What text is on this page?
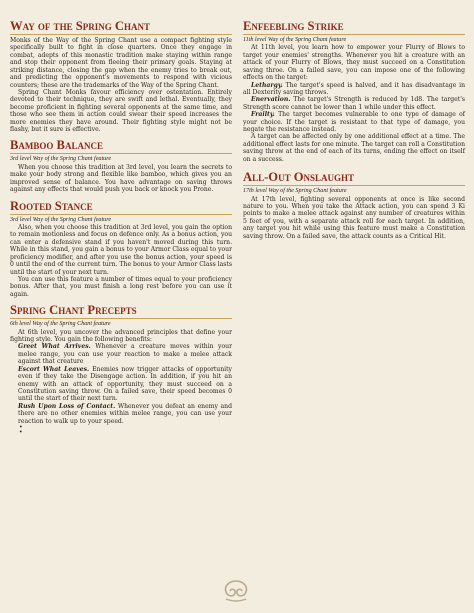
Way of the Spring Chant

Monks of the Way of the Spring Chant use a compact fighting style specifically built to fight in close quarters. Once they engage in combat, adepts of this monastic tradition make staying within range and stop their opponent from fleeing their primary goals. Staying at striking distance, closing the gap when the enemy tries to break out, and predicting the opponent's movements to respond with vicious counters; these are the trademarks of the Way of the Spring Chant.

Spring Chant Monks favour efficiency over ostentation. Entirely devoted to their technique, they are swift and lethal. Eventually, they become proficient in fighting several opponents at the same time, and those who see them in action could swear their speed increases the more enemies they have around. Their fighting style might not be flashy, but it sure is effective.

Bamboo Balance
3rd level Way of the Spring Chant feature

When you choose this tradition at 3rd level, you learn the secrets to make your body strong and flexible like bamboo, which gives you an improved sense of balance. You have advantage on saving throws against any effects that would push you back or knock you Prone.

Rooted Stance
3rd level Way of the Spring Chant feature

Also, when you choose this tradition at 3rd level, you gain the option to remain motionless and focus on defence only. As a bonus action, you can enter a defensive stand if you haven't moved during this turn. While in this stand, you gain a bonus to your Armor Class equal to your proficiency modifier, and after you use the bonus action, your speed is 0 until the end of the current turn. The bonus to your Armor Class lasts until the start of your next turn.

You can use this feature a number of times equal to your proficiency bonus. After that, you must finish a long rest before you can use it again.

Spring Chant Precepts
6th level Way of the Spring Chant feature

At 6th level, you uncover the advanced principles that define your fighting style. You gain the following benefits:

Greet What Arrives. Whenever a creature moves within your melee range, you can use your reaction to make a melee attack against that creature

Escort What Leaves. Enemies now trigger attacks of opportunity even if they take the Disengage action. In addition, if you hit an enemy with an attack of opportunity, they must succeed on a Constitution saving throw. On a failed save, their speed becomes 0 until the start of their next turn.

Rush Upon Loss of Contact. Whenever you defeat an enemy and there are no other enemies within melee range, you can use your reaction to walk up to your speed.

•
•
Enfeebling Strike
11th level Way of the Spring Chant feature

At 11th level, you learn how to empower your Flurry of Blows to target your enemies' strengths. Whenever you hit a creature with an attack of your Flurry of Blows, they must succeed on a Constitution saving throe. On a failed save, you can impose one of the following effects on the target:

Lethargy. The target's speed is halved, and it has disadvantage in all Dexterity saving throws.

Enervation. The target's Strength is reduced by 1d8. The target's Strength score cannot be lower than 1 while under this effect.

Frailty. The target becomes vulnerable to one type of damage of your choice. If the target is resistant to that type of damage, you negate the resistance instead.

A target can be affected only by one additional effect at a time. The additional effect lasts for one minute. The target can roll a Constitution saving throw at the end of each of its turns, ending the effect on itself on a success.

All-Out Onslaught
17th level Way of the Spring Chant feature

At 17th level, fighting several opponents at once is like second nature to you. When you take the Attack action, you can spend 3 Ki points to make a melee attack against any number of creatures within 5 feet of you, with a separate attack roll for each target. In addition, any target you hit while using this feature must make a Constitution saving throw. On a failed save, the attack counts as a Critical Hit.
